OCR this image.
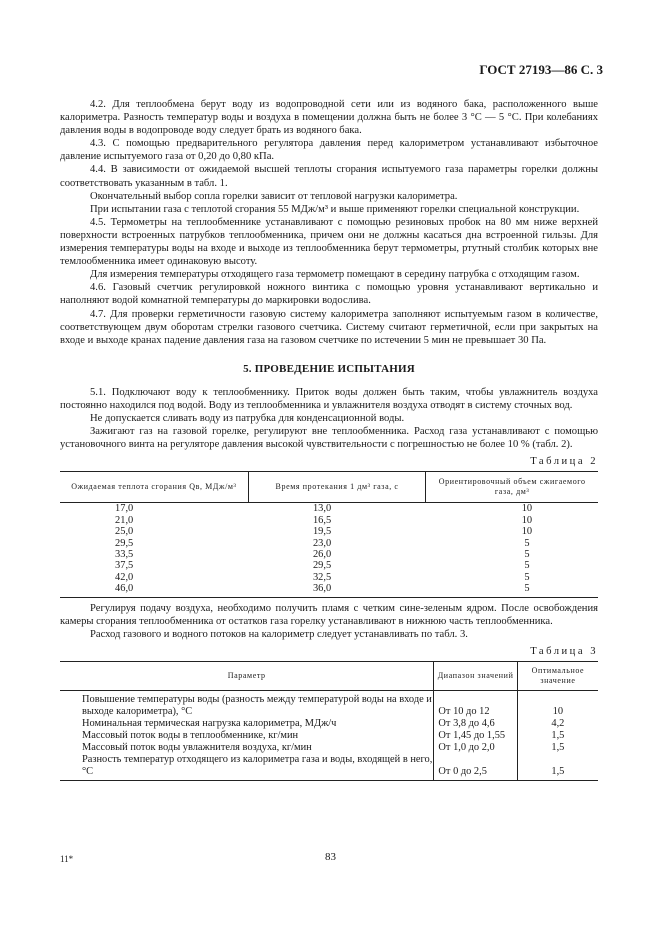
ГОСТ 27193—86 С. 3

4.2. Для теплообмена берут воду из водопроводной сети или из водяного бака, расположенного выше калориметра. Разность температур воды и воздуха в помещении должна быть не более 3 °С — 5 °С. При колебаниях давления воды в водопроводе воду следует брать из водяного бака.

4.3. С помощью предварительного регулятора давления перед калориметром устанавливают избыточное давление испытуемого газа от 0,20 до 0,80 кПа.

4.4. В зависимости от ожидаемой высшей теплоты сгорания испытуемого газа параметры горелки должны соответствовать указанным в табл. 1.

Окончательный выбор сопла горелки зависит от тепловой нагрузки калориметра.

При испытании газа с теплотой сгорания 55 МДж/м³ и выше применяют горелки специальной конструкции.

4.5. Термометры на теплообменнике устанавливают с помощью резиновых пробок на 80 мм ниже верхней поверхности встроенных патрубков теплообменника, причем они не должны касаться дна встроенной гильзы. Для измерения температуры воды на входе и выходе из теплообменника берут термометры, ртутный столбик которых вне темлообменника имеет одинаковую высоту.

Для измерения температуры отходящего газа термометр помещают в середину патрубка с отходящим газом.

4.6. Газовый счетчик регулировкой ножного винтика с помощью уровня устанавливают вертикально и наполняют водой комнатной температуры до маркировки водослива.

4.7. Для проверки герметичности газовую систему калориметра заполняют испытуемым газом в количестве, соответствующем двум оборотам стрелки газового счетчика. Систему считают герметичной, если при закрытых на входе и выходе кранах падение давления газа на газовом счетчике по истечении 5 мин не превышает 30 Па.

5. ПРОВЕДЕНИЕ ИСПЫТАНИЯ

5.1. Подключают воду к теплообменнику. Приток воды должен быть таким, чтобы увлажнитель воздуха постоянно находился под водой. Воду из теплообменника и увлажнителя воздуха отводят в систему сточных вод.

Не допускается сливать воду из патрубка для конденсационной воды.

Зажигают газ на газовой горелке, регулируют вне теплообменника. Расход газа устанавливают с помощью установочного винта на регуляторе давления высокой чувствительности с погрешностью не более 10 % (табл. 2).

Таблица 2
Ожидаемая теплота сгорания Qв, МДж/м³	Время протекания 1 дм³ газа, с	Ориентировочный объем сжигаемого газа, дм³
17,0	13,0	10
21,0	16,5	10
25,0	19,5	10
29,5	23,0	5
33,5	26,0	5
37,5	29,5	5
42,0	32,5	5
46,0	36,0	5

Регулируя подачу воздуха, необходимо получить пламя с четким сине-зеленым ядром. После освобождения камеры сгорания теплообменника от остатков газа горелку устанавливают в нижнюю часть теплообменника.

Расход газового и водного потоков на калориметр следует устанавливать по табл. 3.

Таблица 3
Параметр	Диапазон значений	Оптимальное значение
Повышение температуры воды (разность между температурой воды на входе и выходе калориметра), °С	От 10 до 12	10
Номинальная термическая нагрузка калориметра, МДж/ч	От 3,8 до 4,6	4,2
Массовый поток воды в теплообменнике, кг/мин	От 1,45 до 1,55	1,5
Массовый поток воды увлажнителя воздуха, кг/мин	От 1,0 до 2,0	1,5
Разность температур отходящего из калориметра газа и воды, входящей в него, °С	От 0 до 2,5	1,5
11*	83
